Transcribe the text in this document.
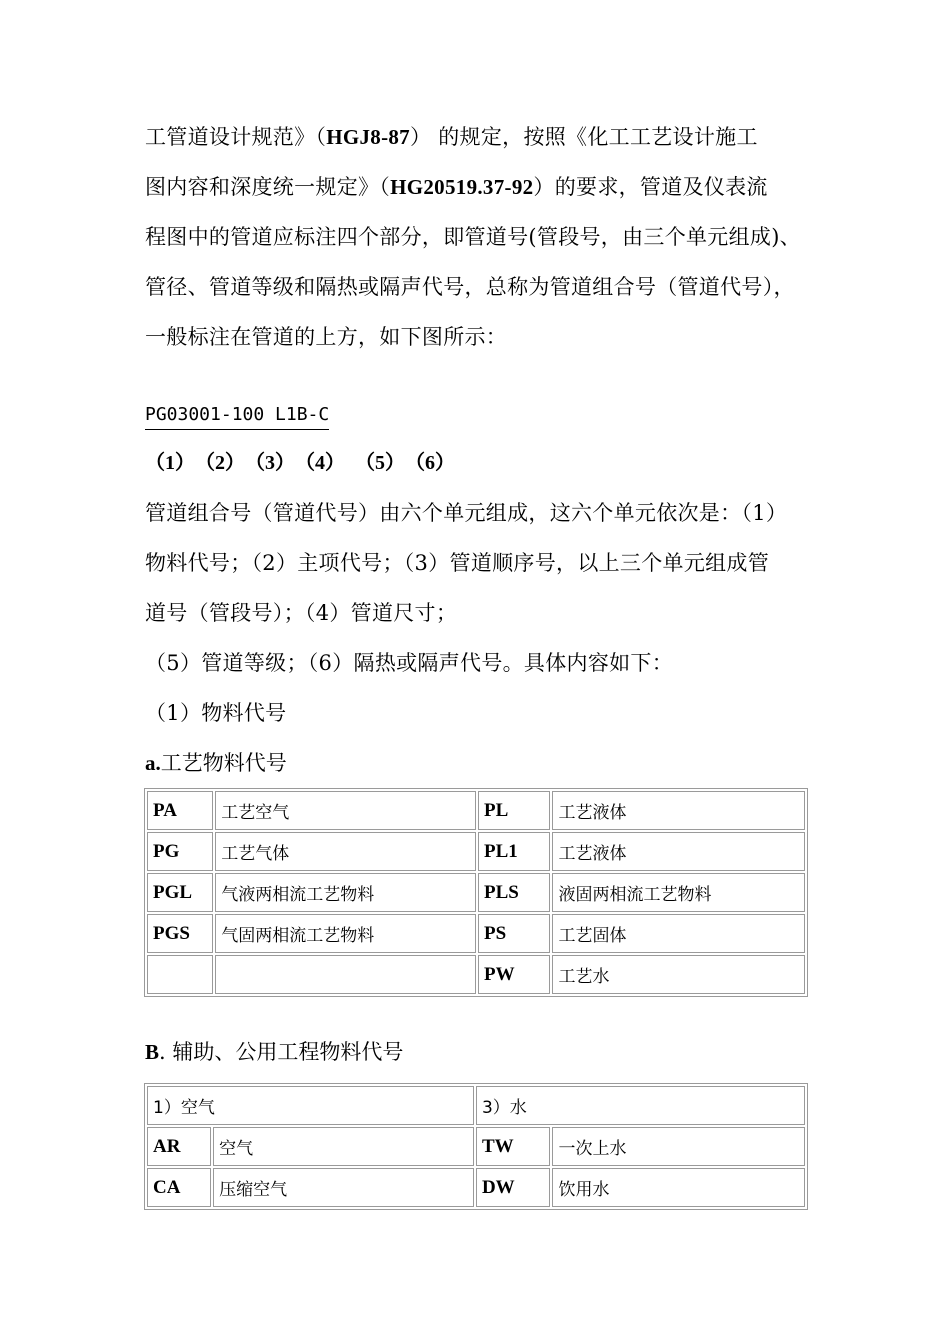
工管道设计规范》（HGJ8-87） 的规定，按照《化工工艺设计施工

图内容和深度统一规定》（HG20519.37-92）的要求，管道及仪表流

程图中的管道应标注四个部分，即管道号(管段号，由三个单元组成)、

管径、管道等级和隔热或隔声代号，总称为管道组合号（管道代号），

一般标注在管道的上方，如下图所示：

PG03001-100 L1B-C

（1）（2）（3）（4） （5）（6）

管道组合号（管道代号）由六个单元组成，这六个单元依次是：（1）

物料代号；（2）主项代号；（3）管道顺序号，以上三个单元组成管

道号（管段号）；（4）管道尺寸；

（5）管道等级；（6）隔热或隔声代号。具体内容如下：

（1）物料代号

a.工艺物料代号

PA	工艺空气	PL	工艺液体
PG	工艺气体	PL1	工艺液体
PGL	气液两相流工艺物料	PLS	液固两相流工艺物料
PGS	气固两相流工艺物料	PS	工艺固体
		PW	工艺水

B. 辅助、公用工程物料代号

1）空气		3）水	
AR	空气	TW	一次上水
CA	压缩空气	DW	饮用水
